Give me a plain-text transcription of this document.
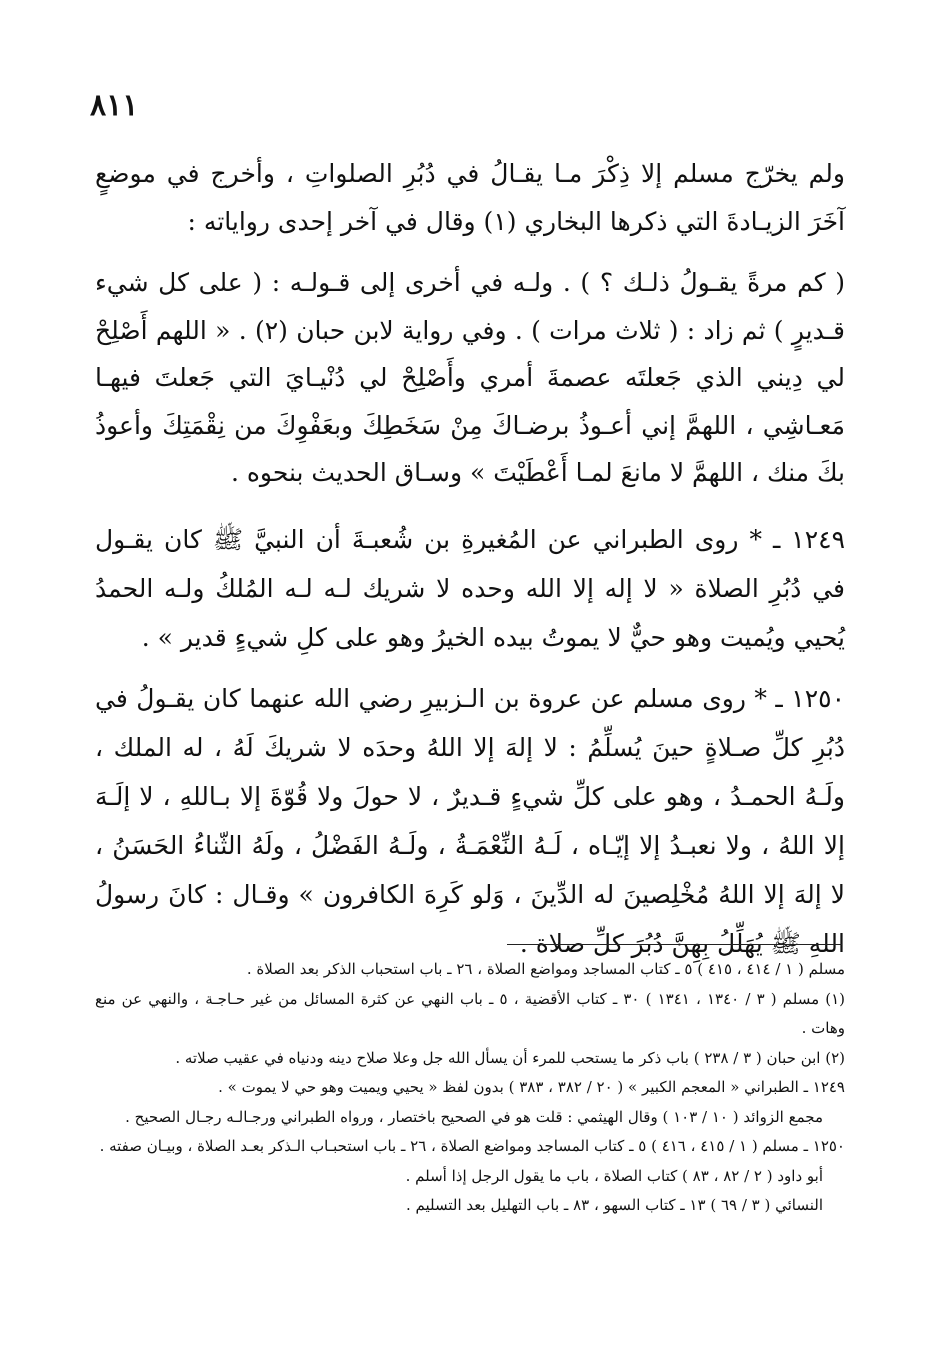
٨١١

ولم يخرّج مسلم إلا ذِكْرَ مـا يقـالُ في دُبُرِ الصلواتِ ، وأخرج في موضعٍ آخَرَ الزيـادةَ التي ذكرها البخاري (١) وقال في آخر إحدى رواياته :

( كم مرةً يقـولُ ذلـك ؟ ) . ولـه في أخرى إلى قـولـه : ( على كل شيء قـديرٍ ) ثم زاد : ( ثلاث مرات ) . وفي رواية لابن حبان (٢) . « اللهم أَصْلِحْ لي دِيني الذي جَعلتَه عصمةَ أمري وأَصْلِحْ لي دُنْيـايَ التي جَعلتَ فيهـا مَعـاشِي ، اللهمَّ إني أعـوذُ برضـاكَ مِنْ سَخَطِكَ وبعَفْوِكَ من نِقْمَتِكَ وأعوذُ بكَ منك ، اللهمَّ لا مانعَ لمـا أَعْطَيْتَ » وسـاق الحديث بنحوه .

١٢٤٩ ـ * روى الطبراني عن المُغيرةِ بن شُعبـةَ أن النبيَّ ﷺ كان يقـول في دُبُرِ الصلاة « لا إله إلا الله وحده لا شريك لـه لـه المُلكُ ولـه الحمدُ يُحيي ويُميت وهو حيٌّ لا يموتُ بيده الخيرُ وهو على كلِ شيءٍ قدير » .

١٢٥٠ ـ * روى مسلم عن عروة بن الـزبيرِ رضي الله عنهما كان يقـولُ في دُبُرِ كلِّ صـلاةٍ حينَ يُسلِّمُ : لا إلهَ إلا اللهُ وحدَه لا شريكَ لَهُ ، له الملك ، ولَـهُ الحمـدُ ، وهو على كلِّ شيءٍ قـديرٌ ، لا حولَ ولا قُوّةَ إلا بـاللهِ ، لا إلَـهَ إلا اللهُ ، ولا نعبـدُ إلا إيّـاه ، لَـهُ النِّعْمَـةُ ، ولَـهُ الفَضْلُ ، ولَهُ الثّناءُ الحَسَنُ ، لا إلهَ إلا اللهُ مُخْلِصينَ له الدِّينَ ، وَلو كَرِهَ الكافرون » وقـال : كانَ رسولُ اللهِ ﷺ يُهَلِّلُ بِهِنَّ دُبُرَ كلِّ صلاة .

مسلم ( ١ / ٤١٤ ، ٤١٥ ) ٥ ـ كتاب المساجد ومواضع الصلاة ، ٢٦ ـ باب استحباب الذكر بعد الصلاة .

(١) مسلم ( ٣ / ١٣٤٠ ، ١٣٤١ ) ٣٠ ـ كتاب الأقضية ، ٥ ـ باب النهي عن كثرة المسائل من غير حـاجـة ، والنهي عن منع وهات .

(٢) ابن حبان ( ٣ / ٢٣٨ ) باب ذكر ما يستحب للمرء أن يسأل الله جل وعلا صلاح دينه ودنياه في عقيب صلاته .

١٢٤٩ ـ الطبراني « المعجم الكبير » ( ٢٠ / ٣٨٢ ، ٣٨٣ ) بدون لفظ « يحيي ويميت وهو حي لا يموت » .

مجمع الزوائد ( ١٠ / ١٠٣ ) وقال الهيثمي : قلت هو في الصحيح باختصار ، ورواه الطبراني ورجـالـه رجـال الصحيح .

١٢٥٠ ـ مسلم ( ١ / ٤١٥ ، ٤١٦ ) ٥ ـ كتاب المساجد ومواضع الصلاة ، ٢٦ ـ باب استحبـاب الـذكر بعـد الصلاة ، وبيـان صفته .

أبو داود ( ٢ / ٨٢ ، ٨٣ ) كتاب الصلاة ، باب ما يقول الرجل إذا أسلم .

النسائي ( ٣ / ٦٩ ) ١٣ ـ كتاب السهو ، ٨٣ ـ باب التهليل بعد التسليم .
